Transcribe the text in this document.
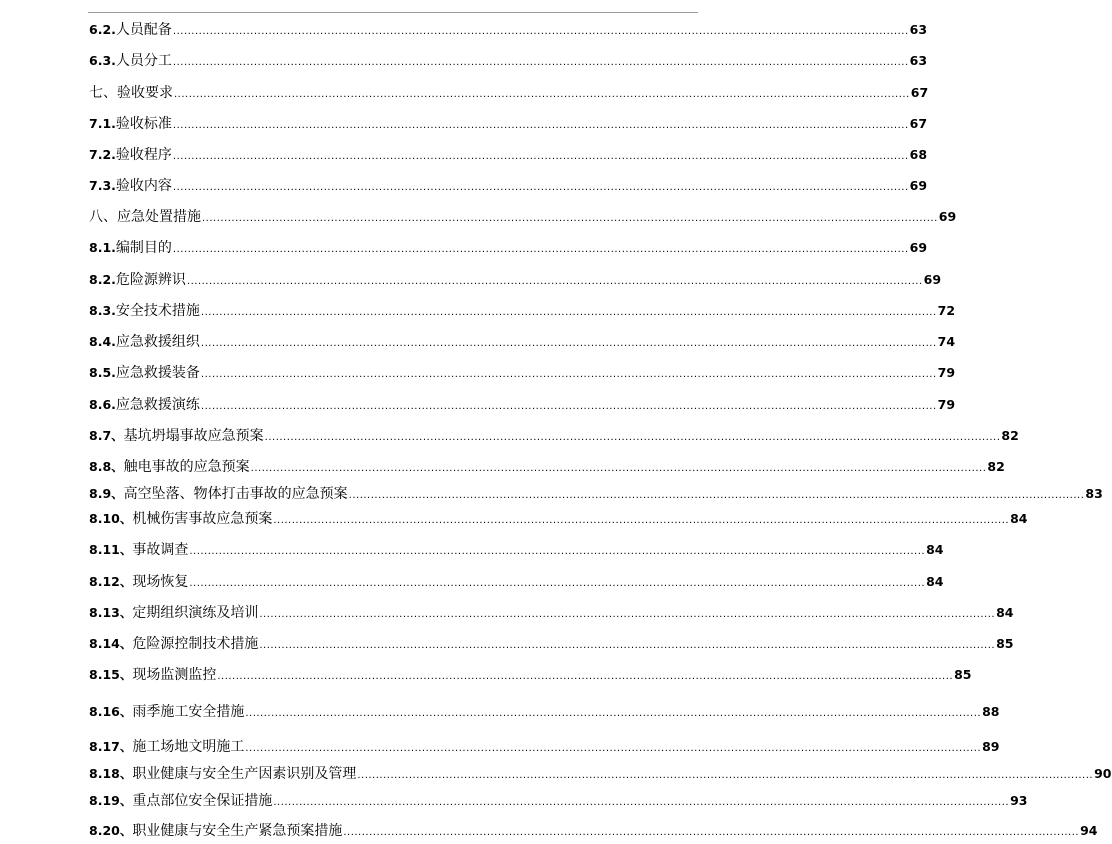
6.2. 人员配备 ........................................................................................................................................................................................................ 63
6.3. 人员分工 ........................................................................................................................................................................................................ 63
七、验收要求 ........................................................................................................................................................................................................ 67
7.1. 验收标准 ........................................................................................................................................................................................................ 67
7.2. 验收程序 ........................................................................................................................................................................................................ 68
7.3. 验收内容 ........................................................................................................................................................................................................ 69
八、应急处置措施 ........................................................................................................................................................................................................ 69
8.1. 编制目的 ........................................................................................................................................................................................................ 69
8.2. 危险源辨识 ........................................................................................................................................................................................................ 69
8.3. 安全技术措施 ........................................................................................................................................................................................................ 72
8.4. 应急救援组织 ........................................................................................................................................................................................................ 74
8.5. 应急救援装备 ........................................................................................................................................................................................................ 79
8.6. 应急救援演练 ........................................................................................................................................................................................................ 79
8.7、 基坑坍塌事故应急预案 ........................................................................................................................................................................................................ 82
8.8、 触电事故的应急预案 ........................................................................................................................................................................................................ 82
8.9、 高空坠落、物体打击事故的应急预案 ........................................................................................................................................................................................................ 83
8.10、 机械伤害事故应急预案 ........................................................................................................................................................................................................ 84
8.11、 事故调查 ........................................................................................................................................................................................................ 84
8.12、 现场恢复 ........................................................................................................................................................................................................ 84
8.13、 定期组织演练及培训 ........................................................................................................................................................................................................ 84
8.14、 危险源控制技术措施 ........................................................................................................................................................................................................ 85
8.15、 现场监测监控 ........................................................................................................................................................................................................ 85
8.16、 雨季施工安全措施 ........................................................................................................................................................................................................ 88
8.17、 施工场地文明施工 ........................................................................................................................................................................................................ 89
8.18、 职业健康与安全生产因素识别及管理 ........................................................................................................................................................................................................ 90
8.19、 重点部位安全保证措施 ........................................................................................................................................................................................................ 93
8.20、 职业健康与安全生产紧急预案措施 ........................................................................................................................................................................................................ 94
